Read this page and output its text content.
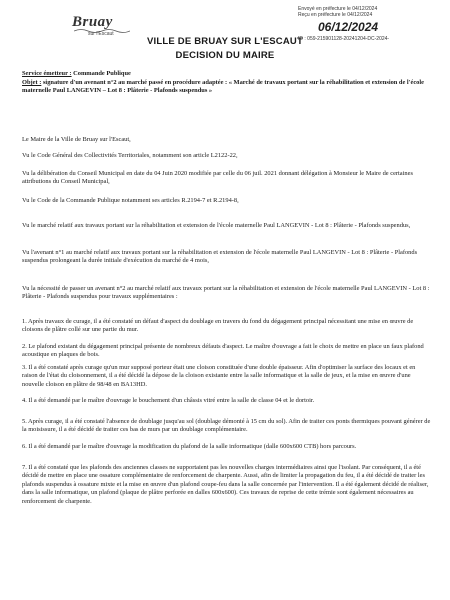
Bruay
sur l'Escaut
Envoyé en préfecture le 04/12/2024
Reçu en préfecture le 04/12/2024
06/12/2024
ID : 059-215901128-20241204-DC-2024-
VILLE DE BRUAY SUR L'ESCAUT
DECISION DU MAIRE
Service émetteur : Commande Publique
Objet : signature d'un avenant n°2 au marché passé en procédure adaptée : « Marché de travaux portant sur la réhabilitation et extension de l'école maternelle Paul LANGEVIN – Lot 8 : Plâterie - Plafonds suspendus »
Le Maire de la Ville de Bruay sur l'Escaut,
Vu le Code Général des Collectivités Territoriales, notamment son article L2122-22,
Vu la délibération du Conseil Municipal en date du 04 Juin 2020 modifiée par celle du 06 juil. 2021 donnant délégation à Monsieur le Maire de certaines attributions du Conseil Municipal,
Vu le Code de la Commande Publique notamment ses articles R.2194-7 et R.2194-8,
Vu le marché relatif aux travaux portant sur la réhabilitation et extension de l'école maternelle Paul LANGEVIN - Lot 8 : Plâterie - Plafonds suspendus,
Vu l'avenant n°1 au marché relatif aux travaux portant sur la réhabilitation et extension de l'école maternelle Paul LANGEVIN - Lot 8 : Plâterie - Plafonds suspendus prolongeant la durée initiale d'exécution du marché de 4 mois,
Vu la nécessité de passer un avenant n°2 au marché relatif aux travaux portant sur la réhabilitation et extension de l'école maternelle Paul LANGEVIN - Lot 8 : Plâterie - Plafonds suspendus pour travaux supplémentaires :
1. Après travaux de curage, il a été constaté un défaut d'aspect du doublage en travers du fond du dégagement principal nécessitant une mise en œuvre de cloisons de plâtre collé sur une partie du mur.
2. Le plafond existant du dégagement principal présente de nombreux défauts d'aspect. Le maître d'ouvrage a fait le choix de mettre en place un faux plafond acoustique en plaques de bois.
3. Il a été constaté après curage qu'un mur supposé porteur était une cloison constituée d'une double épaisseur. Afin d'optimiser la surface des locaux et en raison de l'état du cloisonnement, il a été décidé la dépose de la cloison existante entre la salle informatique et la salle de jeux, et la mise en œuvre d'une nouvelle cloison en plâtre de 98/48 en BA13HD.
4. Il a été demandé par le maître d'ouvrage le bouchement d'un châssis vitré entre la salle de classe 04 et le dortoir.
5. Après curage, il a été constaté l'absence de doublage jusqu'au sol (doublage démonté à 15 cm du sol). Afin de traiter ces ponts thermiques pouvant générer de la moisissure, il a été décidé de traiter ces bas de murs par un doublage complémentaire.
6. Il a été demandé par le maître d'ouvrage la modification du plafond de la salle informatique (dalle 600x600 CTB) hors parcours.
7. Il a été constaté que les plafonds des anciennes classes ne supportaient pas les nouvelles charges intermédiaires ainsi que l'isolant. Par conséquent, il a été décidé de mettre en place une ossature complémentaire de renforcement de charpente. Aussi, afin de limiter la propagation du feu, il a été décidé de traiter les plafonds suspendus à ossature mixte et la mise en œuvre d'un plafond coupe-feu dans la salle concernée par l'intervention. Il a été également décidé de réaliser, dans la salle informatique, un plafond (plaque de plâtre perforée en dalles 600x600). Ces travaux de reprise de cette trémie sont également nécessaires au renforcement de charpente.
